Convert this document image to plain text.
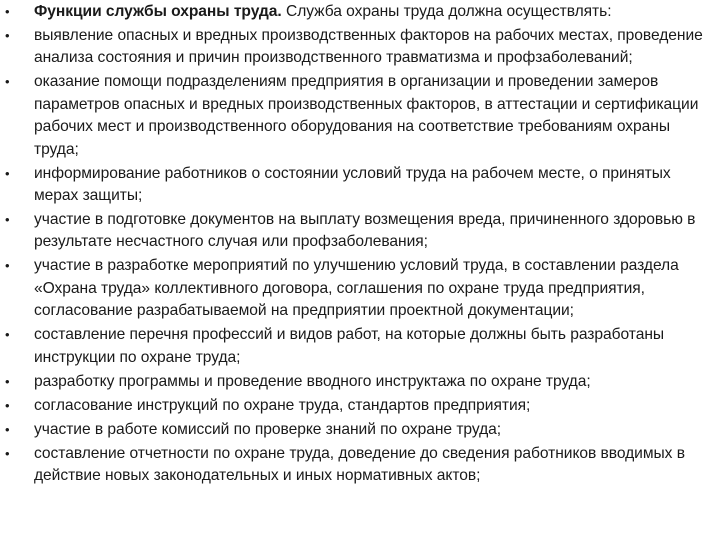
• Функции службы охраны труда. Служба охраны труда должна осуществлять:
• выявление опасных и вредных производственных факторов на рабочих местах, проведение анализа состояния и причин производственного травматизма и профзаболеваний;
• оказание помощи подразделениям предприятия в организации и проведении замеров параметров опасных и вредных производственных факторов, в аттестации и сертификации рабочих мест и производственного оборудования на соответствие требованиям охраны труда;
• информирование работников о состоянии условий труда на рабочем месте, о принятых мерах защиты;
• участие в подготовке документов на выплату возмещения вреда, причиненного здоровью в результате несчастного случая или профзаболевания;
• участие в разработке мероприятий по улучшению условий труда, в составлении раздела «Охрана труда» коллективного договора, соглашения по охране труда предприятия, согласование разрабатываемой на предприятии проектной документации;
• составление перечня профессий и видов работ, на которые должны быть разработаны инструкции по охране труда;
• разработку программы и проведение вводного инструктажа по охране труда;
• согласование инструкций по охране труда, стандартов предприятия;
• участие в работе комиссий по проверке знаний по охране труда;
• составление отчетности по охране труда, доведение до сведения работников вводимых в действие новых законодательных и иных нормативных актов;
